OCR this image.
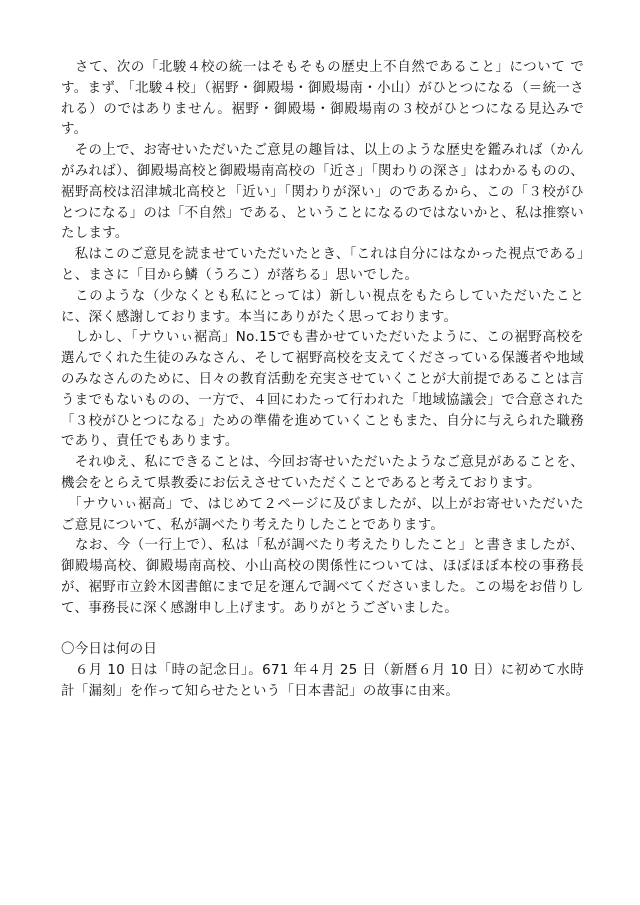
　さて、次の「北駿４校の統一はそもそもの歴史上不自然であること」について です。まず、「北駿４校」（裾野・御殿場・御殿場南・小山）がひとつになる（＝統一される）のではありません。裾野・御殿場・御殿場南の３校がひとつになる見込みです。

　その上で、お寄せいただいたご意見の趣旨は、以上のような歴史を鑑みれば（かんがみれば）、御殿場高校と御殿場南高校の「近さ」「関わりの深さ」はわかるものの、裾野高校は沼津城北高校と「近い」「関わりが深い」のであるから、この「３校がひとつになる」のは「不自然」である、ということになるのではないかと、私は推察いたします。

　私はこのご意見を読ませていただいたとき、「これは自分にはなかった視点である」と、まさに「目から鱗（うろこ）が落ちる」思いでした。

　このような（少なくとも私にとっては）新しい視点をもたらしていただいたことに、深く感謝しております。本当にありがたく思っております。

　しかし、「ナウいぃ裾高」No.15でも書かせていただいたように、この裾野高校を選んでくれた生徒のみなさん、そして裾野高校を支えてくださっている保護者や地域のみなさんのために、日々の教育活動を充実させていくことが大前提であることは言うまでもないものの、一方で、４回にわたって行われた「地域協議会」で合意された「３校がひとつになる」ための準備を進めていくこともまた、自分に与えられた職務であり、責任でもあります。

　それゆえ、私にできることは、今回お寄せいただいたようなご意見があることを、機会をとらえて県教委にお伝えさせていただくことであると考えております。

　「ナウいぃ裾高」で、はじめて２ページに及びましたが、以上がお寄せいただいたご意見について、私が調べたり考えたりしたことであります。

　なお、今（一行上で）、私は「私が調べたり考えたりしたこと」と書きましたが、御殿場高校、御殿場南高校、小山高校の関係性については、ほぼほぼ本校の事務長が、裾野市立鈴木図書館にまで足を運んで調べてくださいました。この場をお借りして、事務長に深く感謝申し上げます。ありがとうございました。

〇今日は何の日

　６月 10 日は「時の記念日」。671 年４月 25 日（新暦６月 10 日）に初めて水時計「漏刻」を作って知らせたという「日本書記」の故事に由来。
